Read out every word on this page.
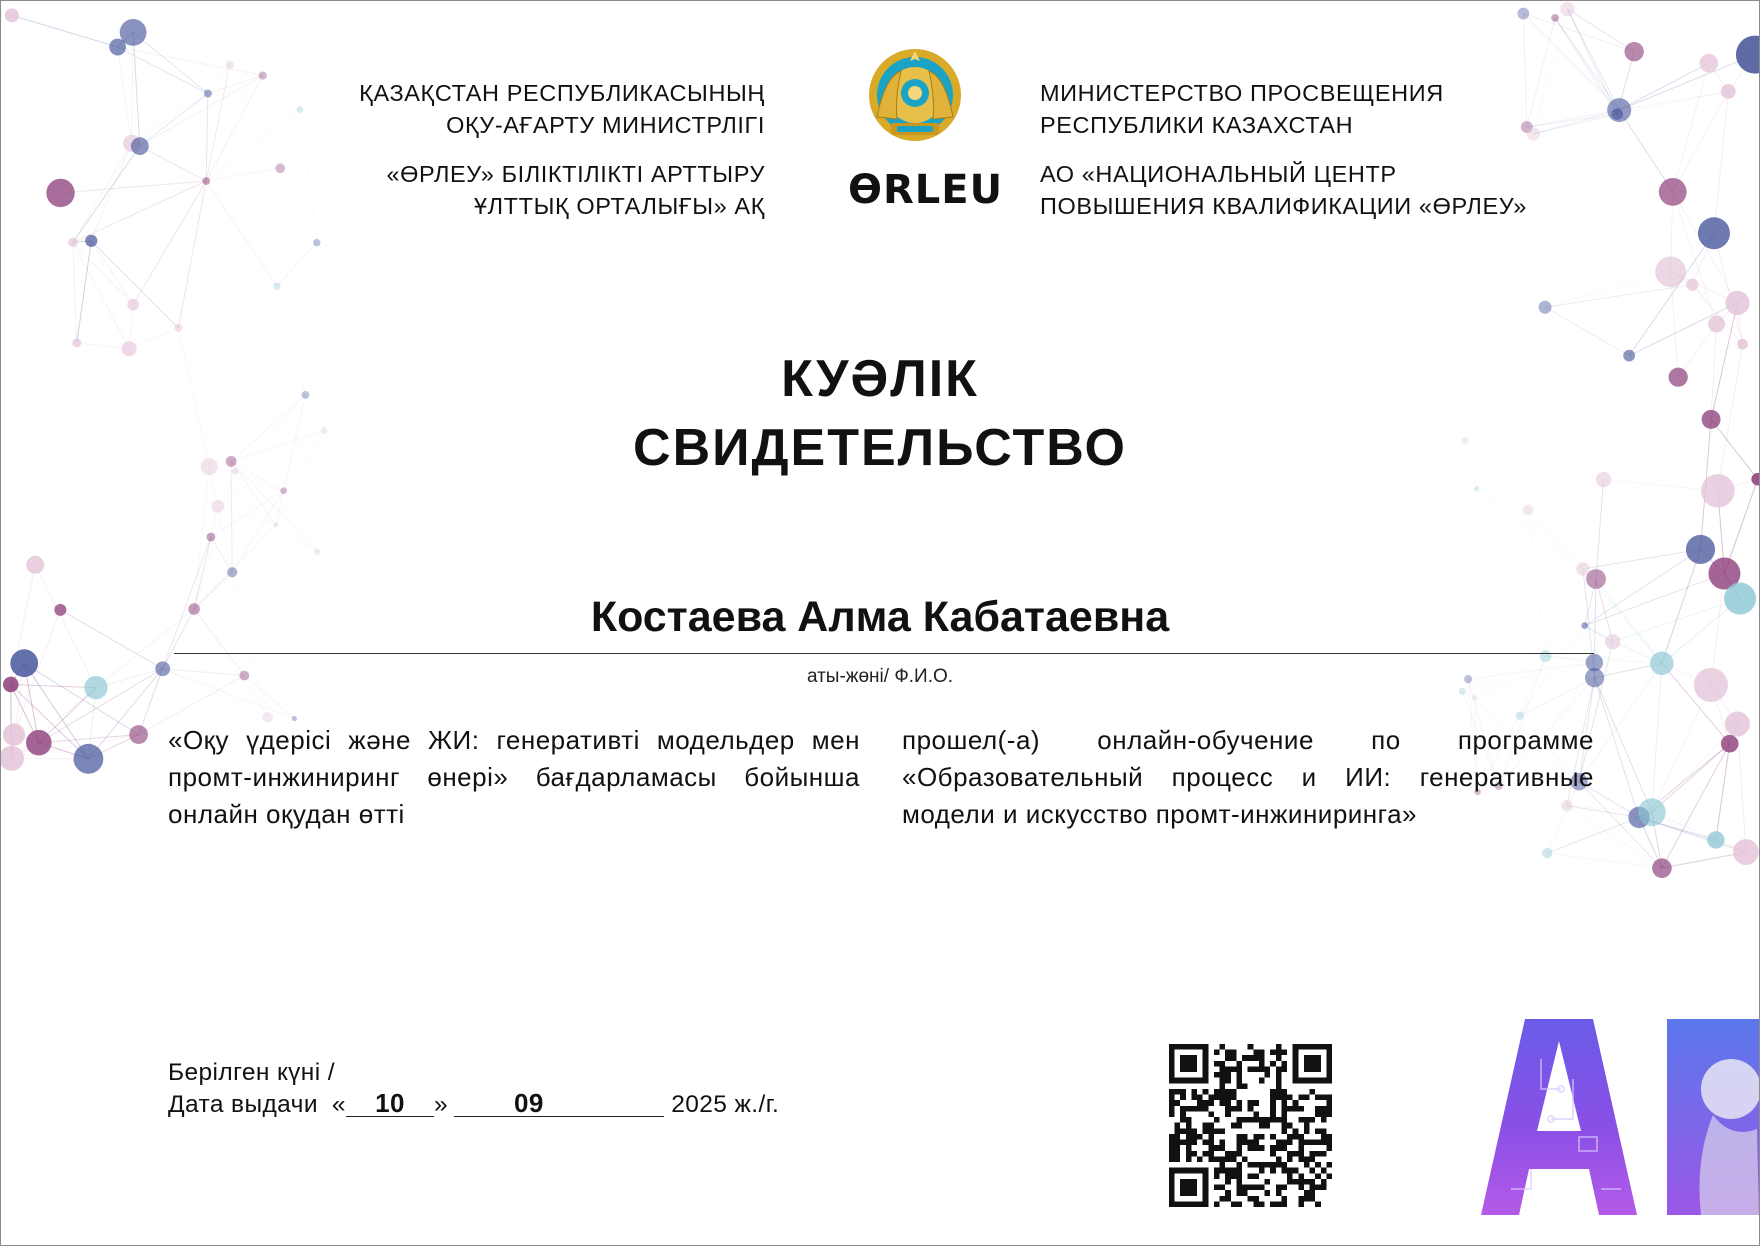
ҚАЗАҚСТАН РЕСПУБЛИКАСЫНЫҢ
ОҚУ-АҒАРТУ МИНИСТРЛІГІ
«ӨРЛЕУ» БІЛІКТІЛІКТІ АРТТЫРУ
ҰЛТТЫҚ ОРТАЛЫҒЫ» АҚ ӨRLEU
МИНИСТЕРСТВО ПРОСВЕЩЕНИЯ
РЕСПУБЛИКИ КАЗАХСТАН
АО «НАЦИОНАЛЬНЫЙ ЦЕНТР
ПОВЫШЕНИЯ КВАЛИФИКАЦИИ «ӨРЛЕУ»
КУӘЛІК
СВИДЕТЕЛЬСТВО
Костаева Алма Кабатаевна
аты-жөні/ Ф.И.О.
«Оқу үдерісі және ЖИ: генеративті модельдер мен промт-инжиниринг өнері» бағдарламасы бойынша онлайн оқудан өтті
прошел(-а) онлайн-обучение по программе «Образовательный процесс и ИИ: генеративные модели и искусство промт-инжиниринга»
Берілген күні /
Дата выдачи « 10 »	09	2025 ж./г.
